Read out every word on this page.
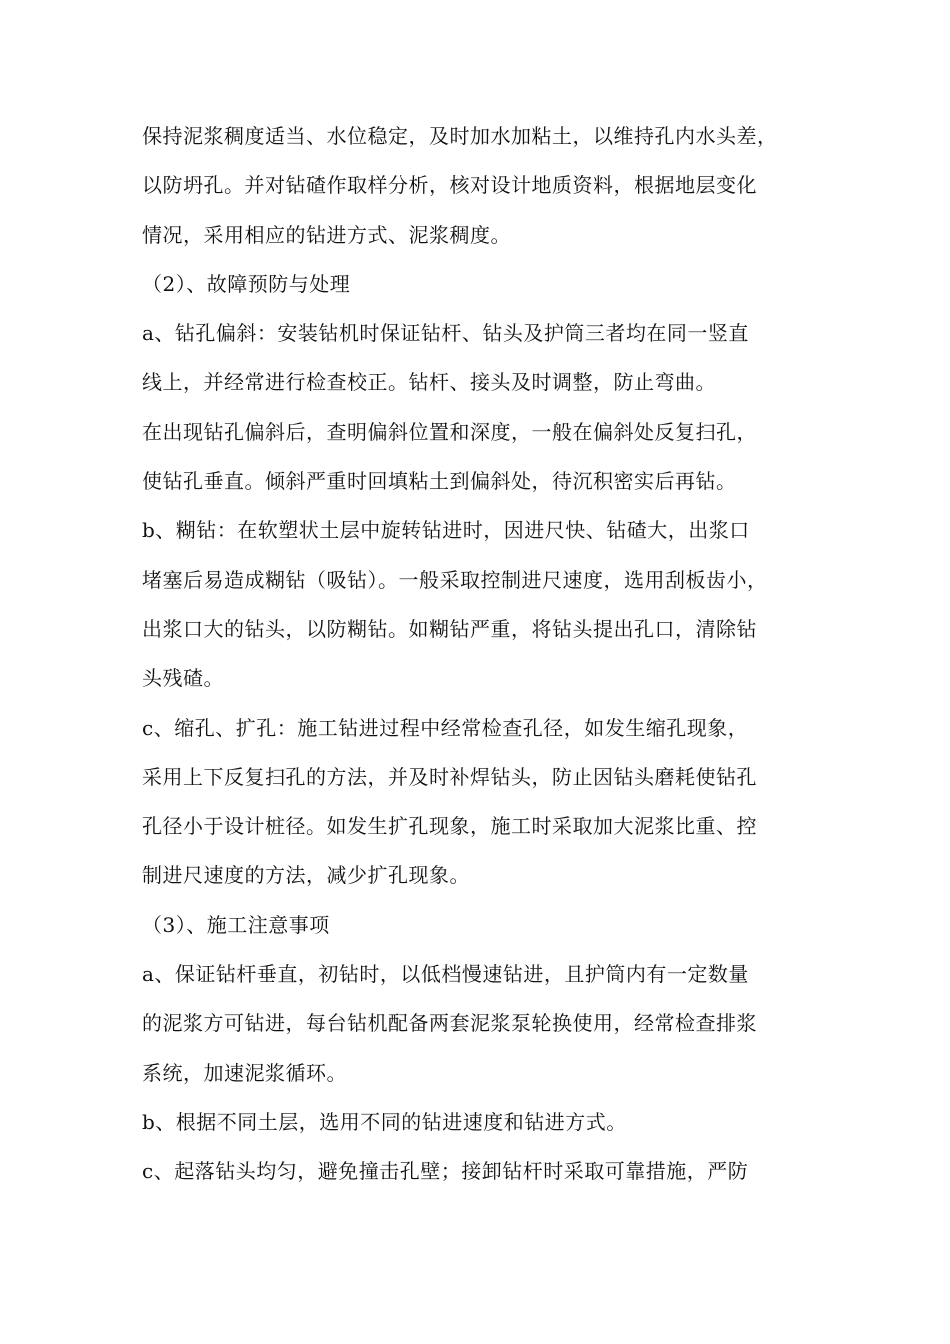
保持泥浆稠度适当、水位稳定，及时加水加粘土，以维持孔内水头差，
以防坍孔。并对钻碴作取样分析，核对设计地质资料，根据地层变化
情况，采用相应的钻进方式、泥浆稠度。
（2）、故障预防与处理
a、钻孔偏斜：安装钻机时保证钻杆、钻头及护筒三者均在同一竖直
线上，并经常进行检查校正。钻杆、接头及时调整，防止弯曲。
在出现钻孔偏斜后，查明偏斜位置和深度，一般在偏斜处反复扫孔，
使钻孔垂直。倾斜严重时回填粘土到偏斜处，待沉积密实后再钻。
b、糊钻：在软塑状土层中旋转钻进时，因进尺快、钻碴大，出浆口
堵塞后易造成糊钻（吸钻）。一般采取控制进尺速度，选用刮板齿小，
出浆口大的钻头，以防糊钻。如糊钻严重，将钻头提出孔口，清除钻
头残碴。
c、缩孔、扩孔：施工钻进过程中经常检查孔径，如发生缩孔现象，
采用上下反复扫孔的方法，并及时补焊钻头，防止因钻头磨耗使钻孔
孔径小于设计桩径。如发生扩孔现象，施工时采取加大泥浆比重、控
制进尺速度的方法，减少扩孔现象。
（3）、施工注意事项
a、保证钻杆垂直，初钻时，以低档慢速钻进，且护筒内有一定数量
的泥浆方可钻进，每台钻机配备两套泥浆泵轮换使用，经常检查排浆
系统，加速泥浆循环。
b、根据不同土层，选用不同的钻进速度和钻进方式。
c、起落钻头均匀，避免撞击孔壁；接卸钻杆时采取可靠措施，严防
